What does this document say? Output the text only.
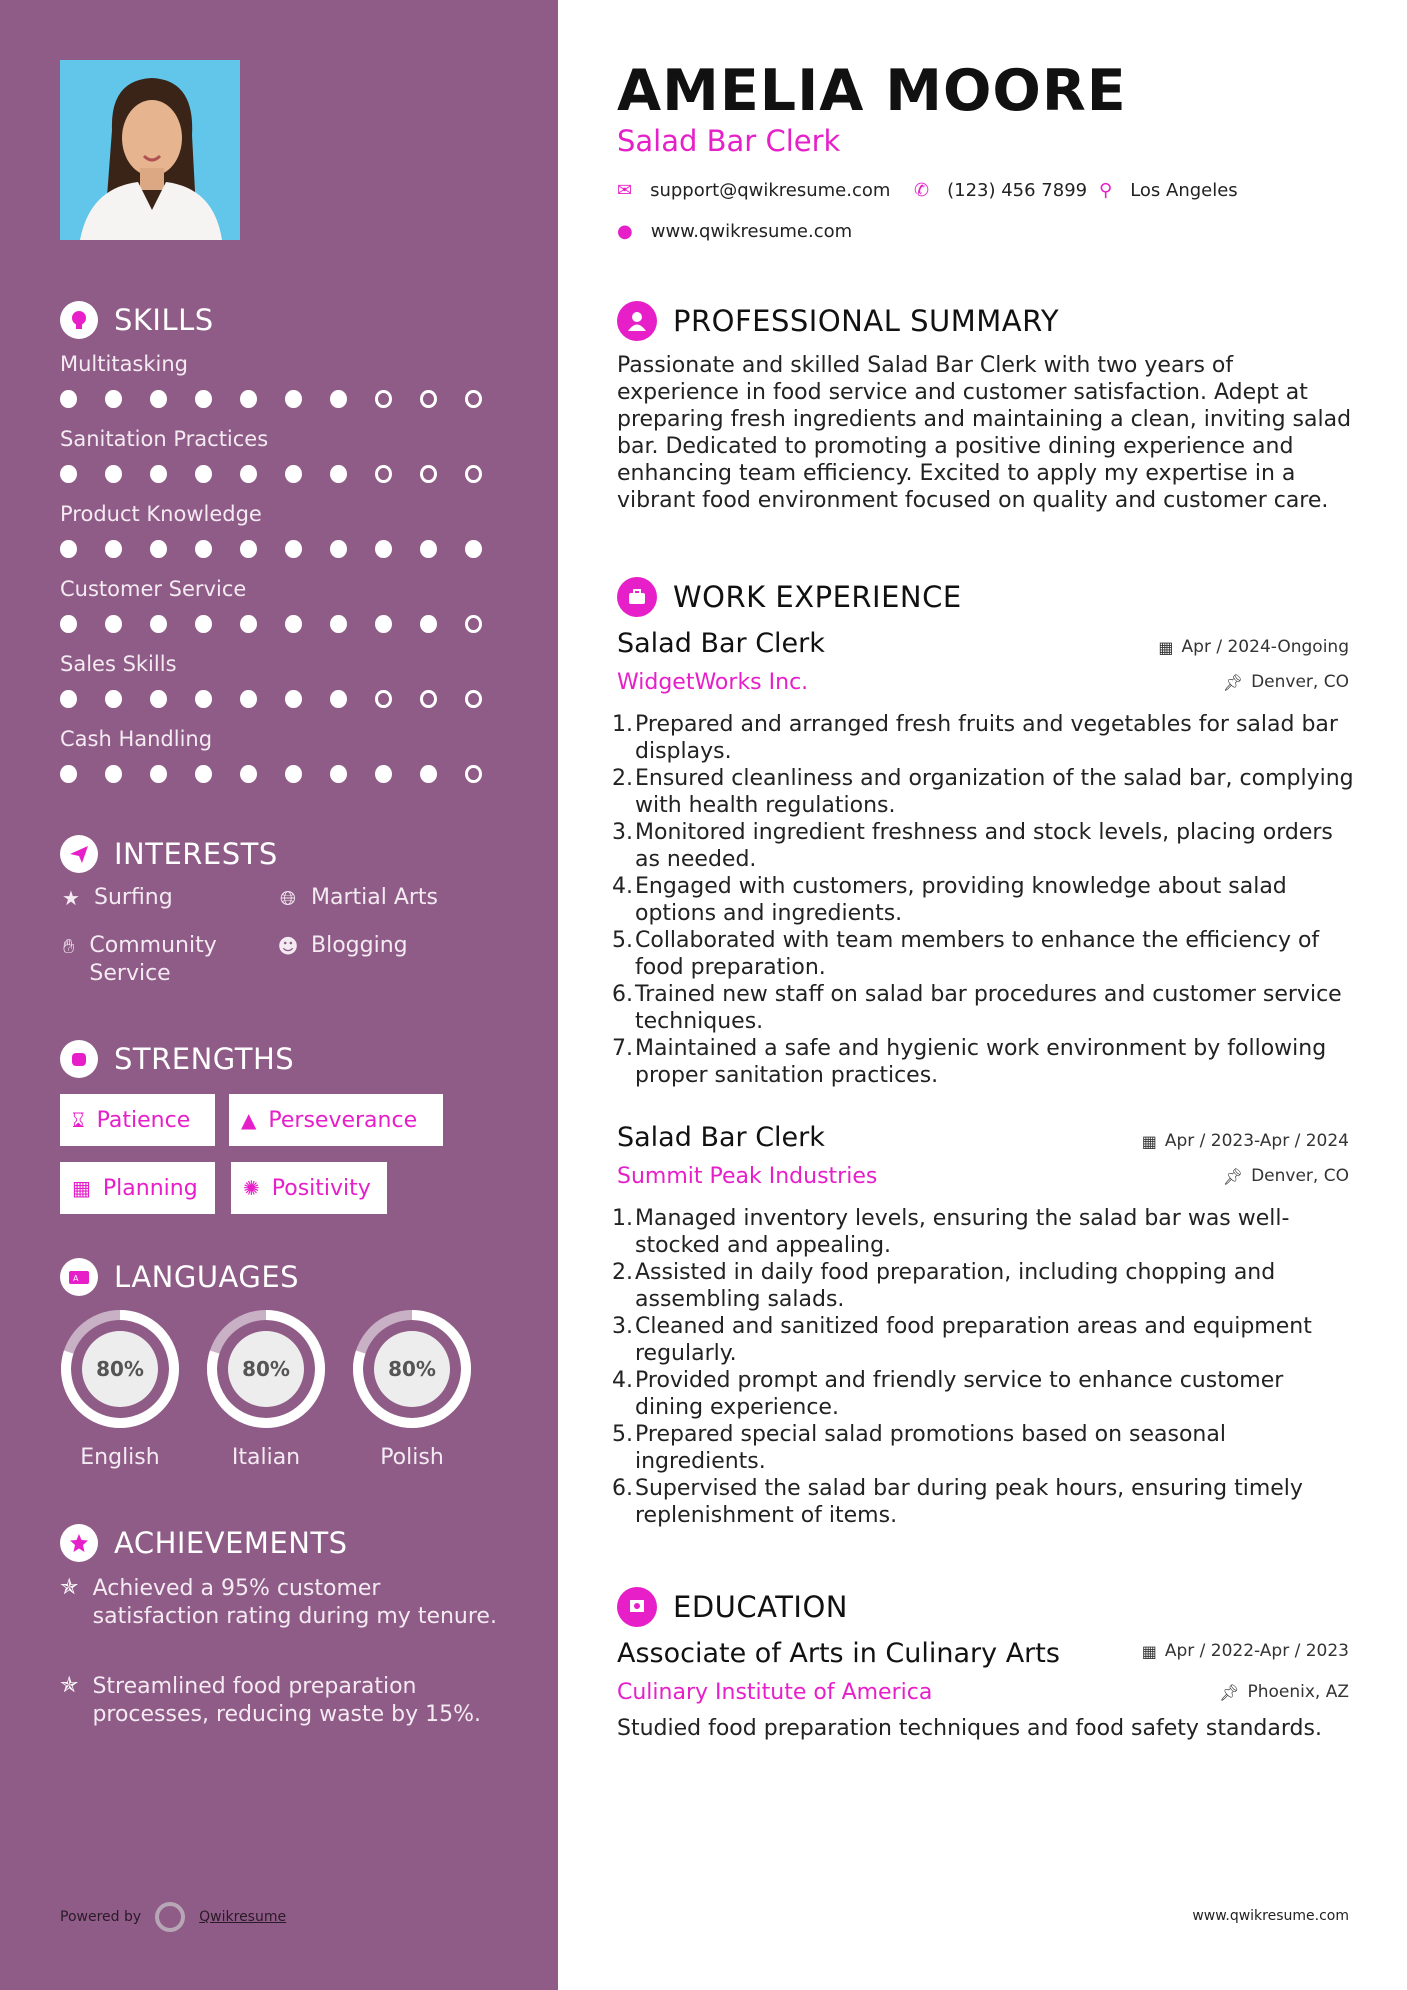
SKILLS
Multitasking
Sanitation Practices
Product Knowledge
Customer Service
Sales Skills
Cash Handling
INTERESTS
★ Surfing	🌐︎ Martial Arts
✋︎ Community Service
☻ Blogging
STRENGTHS
⌛︎ Patience	▲ Perseverance
▦ Planning ✺ Positivity
A LANGUAGES
80%
English
80%
Italian
80%
Polish
ACHIEVEMENTS
✯ Achieved a 95% customer satisfaction rating during my tenure.
✯ Streamlined food preparation processes, reducing waste by 15%.
Powered by	Qwikresume
AMELIA MOORE
Salad Bar Clerk
✉︎ support@qwikresume.com ✆ (123) 456 7899 ⚲ Los Angeles
● www.qwikresume.com
PROFESSIONAL SUMMARY
Passionate and skilled Salad Bar Clerk with two years of experience in food service and customer satisfaction. Adept at preparing fresh ingredients and maintaining a clean, inviting salad bar. Dedicated to promoting a positive dining experience and enhancing team efficiency. Excited to apply my expertise in a vibrant food environment focused on quality and customer care.
WORK EXPERIENCE
Salad Bar Clerk
WidgetWorks Inc.
▦ Apr / 2024-Ongoing
📌︎ Denver, CO
1. Prepared and arranged fresh fruits and vegetables for salad bar displays.
2. Ensured cleanliness and organization of the salad bar, complying with health regulations.
3. Monitored ingredient freshness and stock levels, placing orders as needed.
4. Engaged with customers, providing knowledge about salad options and ingredients.
5. Collaborated with team members to enhance the efficiency of food preparation.
6. Trained new staff on salad bar procedures and customer service techniques.
7. Maintained a safe and hygienic work environment by following proper sanitation practices.
Salad Bar Clerk
Summit Peak Industries
▦ Apr / 2023-Apr / 2024
📌︎ Denver, CO
1. Managed inventory levels, ensuring the salad bar was well-stocked and appealing.
2. Assisted in daily food preparation, including chopping and assembling salads.
3. Cleaned and sanitized food preparation areas and equipment regularly.
4. Provided prompt and friendly service to enhance customer dining experience.
5. Prepared special salad promotions based on seasonal ingredients.
6. Supervised the salad bar during peak hours, ensuring timely replenishment of items.
EDUCATION
Associate of Arts in Culinary Arts
Culinary Institute of America
▦ Apr / 2022-Apr / 2023
📌︎ Phoenix, AZ
Studied food preparation techniques and food safety standards.
www.qwikresume.com
